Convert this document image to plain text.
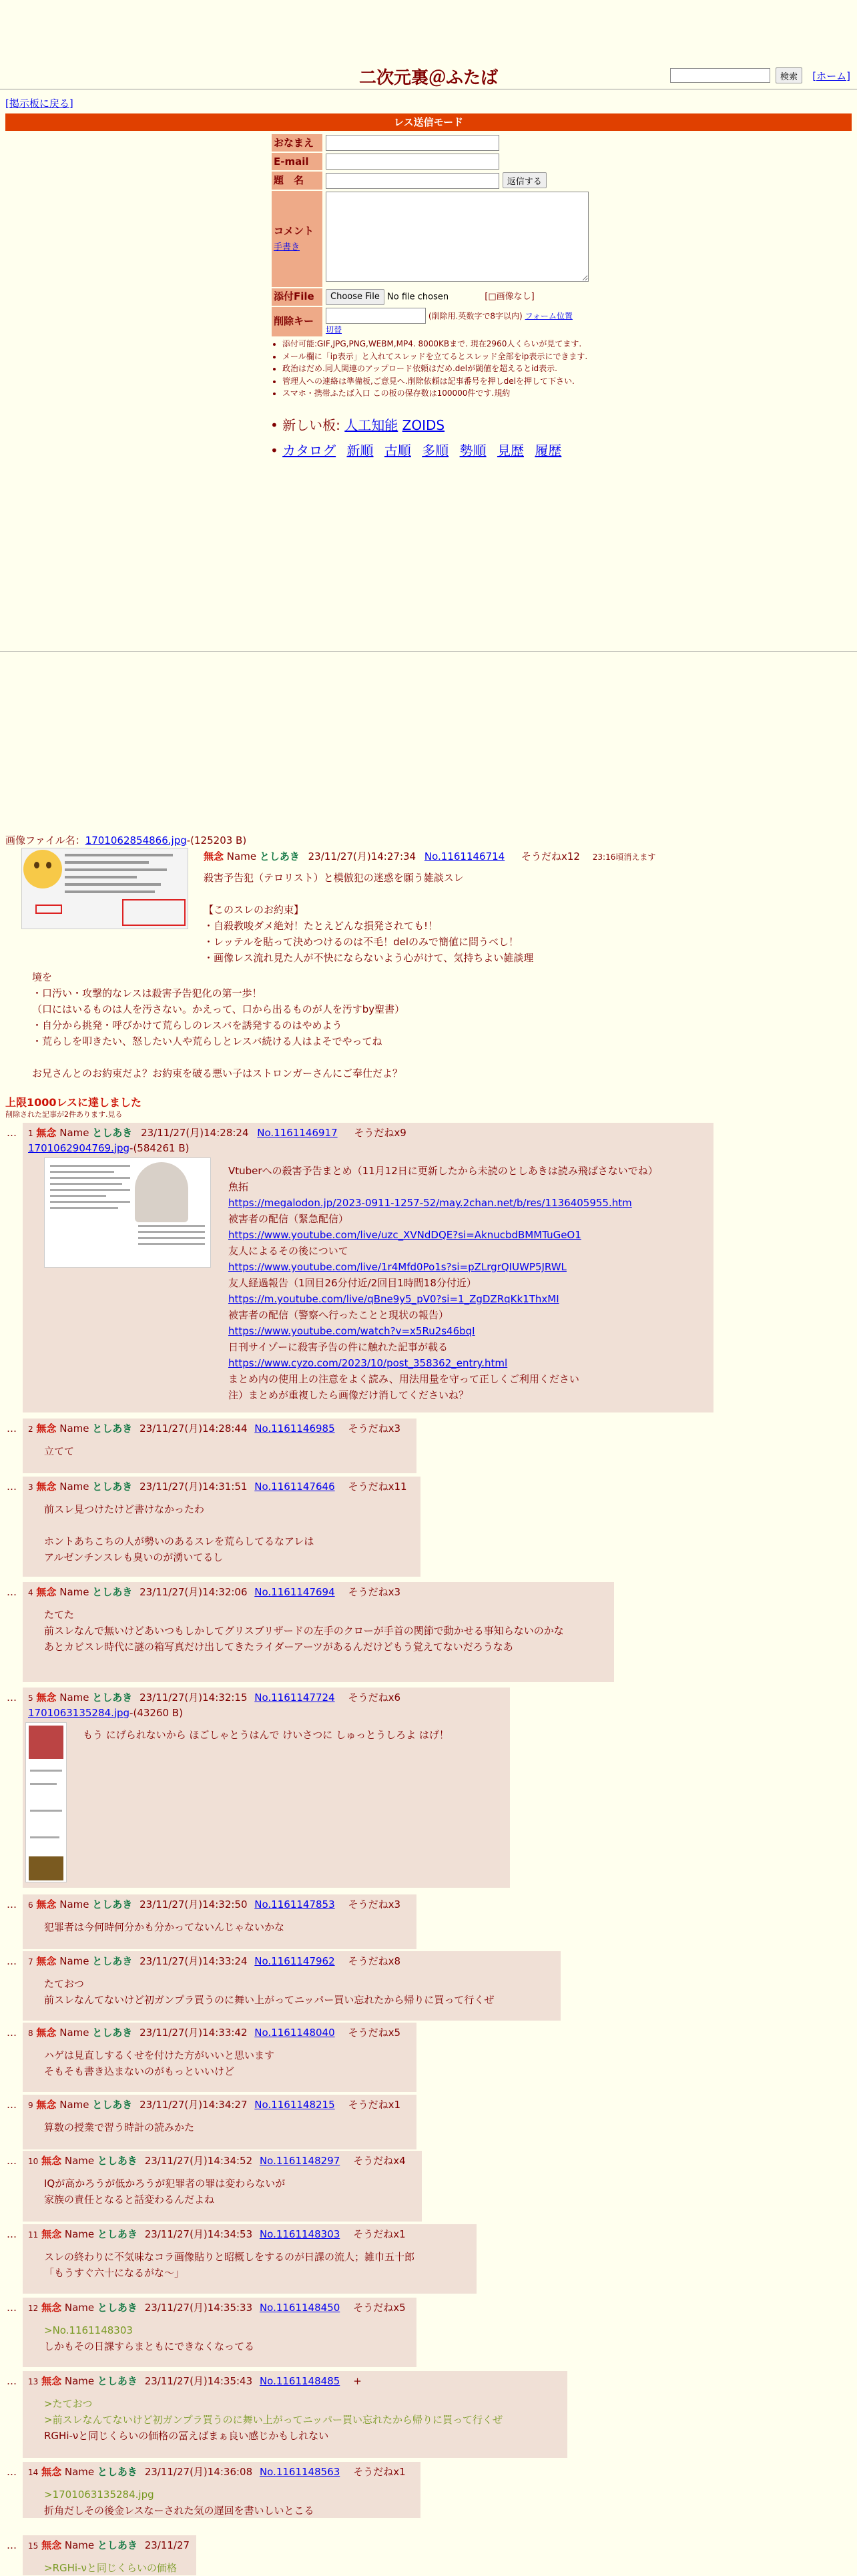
二次元裏＠ふたば	検索	[ホーム]
[掲示板に戻る]
レス送信モード
おなまえ	
E-mail	
題　名	返信する

コメント
手書き	
添付File	Choose File No file chosen [□画像なし]
削除キー	(削除用.英数字で8字以内) フォーム位置
切替
• 添付可能:GIF,JPG,PNG,WEBM,MP4. 8000KBまで. 現在2960人くらいが見てます.
• メール欄に「ip表示」と入れてスレッドを立てるとスレッド全部をip表示にできます.
• 政治はだめ.同人関連のアップロード依頼はだめ.delが閾値を超えるとid表示.
• 管理人への連絡は準備板,ご意見へ.削除依頼は記事番号を押しdelを押して下さい.
• スマホ・携帯ふたば入口 この板の保存数は100000件です.規約
• 新しい板: 人工知能 ZOIDS
• カタログ 新順 古順 多順 勢順 見歴 履歴
画像ファイル名：1701062854866.jpg-(125203 B)
無念 Name としあき 23/11/27(月)14:27:34 No.1161146714 そうだねx12 23:16頃消えます
殺害予告犯（テロリスト）と模倣犯の迷惑を願う雑談スレ

【このスレのお約束】
・自殺教唆ダメ絶対！たとえどんな損発されても!！
・レッテルを貼って決めつけるのは不毛！delのみで簡値に問うべし！
・画像レス流れ見た人が不快にならないよう心がけて、気持ちよい雑談理
境を
・口汚い・攻撃的なレスは殺害予告犯化の第一歩！
（口にはいるものは人を汚さない。かえって、口から出るものが人を汚すby聖書）
・自分から挑発・呼びかけて荒らしのレスバを誘発するのはやめよう
・荒らしを叩きたい、怒したい人や荒らしとレスバ続ける人はよそでやってね

お兄さんとのお約束だよ？お約束を破る悪い子はストロンガーさんにご奉仕だよ？
上限1000レスに達しました
削除された記事が2件あります.見る
… 1 無念 Name としあき 23/11/27(月)14:28:24 No.1161146917 そうだねx9
1701062904769.jpg-(584261 B)
Vtuberへの殺害予告まとめ（11月12日に更新したから未読のとしあきは読み飛ばさないでね）
魚拓
https://megalodon.jp/2023-0911-1257-52/may.2chan.net/b/res/1136405955.htm
被害者の配信（緊急配信）
https://www.youtube.com/live/uzc_XVNdDQE?si=AknucbdBMMTuGeO1
友人によるその後について
https://www.youtube.com/live/1r4Mfd0Po1s?si=pZLrgrQIUWP5JRWL
友人経過報告（1回目26分付近/2回目1時間18分付近）
https://m.youtube.com/live/qBne9y5_pV0?si=1_ZgDZRqKk1ThxMI
被害者の配信（警察へ行ったことと現状の報告）
https://www.youtube.com/watch?v=x5Ru2s46bqI
日刊サイゾーに殺害予告の件に触れた記事が載る
https://www.cyzo.com/2023/10/post_358362_entry.html
まとめ内の使用上の注意をよく読み、用法用量を守って正しくご利用ください
注）まとめが重複したら画像だけ消してくださいね？
… 2 無念 Name としあき 23/11/27(月)14:28:44 No.1161146985 そうだねx3
立てて
… 3 無念 Name としあき 23/11/27(月)14:31:51 No.1161147646 そうだねx11
前スレ見つけたけど書けなかったわ

ホントあちこちの人が勢いのあるスレを荒らしてるなアレは
アルゼンチンスレも臭いのが湧いてるし
… 4 無念 Name としあき 23/11/27(月)14:32:06 No.1161147694 そうだねx3
たてた
前スレなんで無いけどあいつもしかしてグリスブリザードの左手のクローが手首の関節で動かせる事知らないのかな
あとカビスレ時代に謎の箱写真だけ出してきたライダーアーツがあるんだけどもう覚えてないだろうなあ
… 5 無念 Name としあき 23/11/27(月)14:32:15 No.1161147724 そうだねx6
1701063135284.jpg-(43260 B)
もう にげられないから ほごしゃとうはんで けいさつに しゅっとうしろよ はげ！
… 6 無念 Name としあき 23/11/27(月)14:32:50 No.1161147853 そうだねx3
犯罪者は今何時何分かも分かってないんじゃないかな
… 7 無念 Name としあき 23/11/27(月)14:33:24 No.1161147962 そうだねx8
たておつ
前スレなんてないけど初ガンプラ買うのに舞い上がってニッパー買い忘れたから帰りに買って行くぜ
… 8 無念 Name としあき 23/11/27(月)14:33:42 No.1161148040 そうだねx5
ハゲは見直しするくせを付けた方がいいと思います
そもそも書き込まないのがもっといいけど
… 9 無念 Name としあき 23/11/27(月)14:34:27 No.1161148215 そうだねx1
算数の授業で習う時計の読みかた
… 10 無念 Name としあき 23/11/27(月)14:34:52 No.1161148297 そうだねx4
IQが高かろうが低かろうが犯罪者の罪は変わらないが
家族の責任となると話変わるんだよね
… 11 無念 Name としあき 23/11/27(月)14:34:53 No.1161148303 そうだねx1
スレの終わりに不気味なコラ画像貼りと昭概しをするのが日課の流人；雑巾五十郎
「もうすぐ六十になるがな～」
… 12 無念 Name としあき 23/11/27(月)14:35:33 No.1161148450 そうだねx5
>No.1161148303
しかもその日課すらまともにできなくなってる
… 13 無念 Name としあき 23/11/27(月)14:35:43 No.1161148485 +
>たておつ
>前スレなんてないけど初ガンプラ買うのに舞い上がってニッパー買い忘れたから帰りに買って行くぜ
RGHi-νと同じくらいの価格の冨えばまぁ良い感じかもしれない
… 14 無念 Name としあき 23/11/27(月)14:36:08 No.1161148563 そうだねx1
>1701063135284.jpg
折角だしその後金レスなーされた気の遅回を書いしいとこる
… 15 無念 Name としあき 23/11/27
>RGHi-νと同じくらいの価格
